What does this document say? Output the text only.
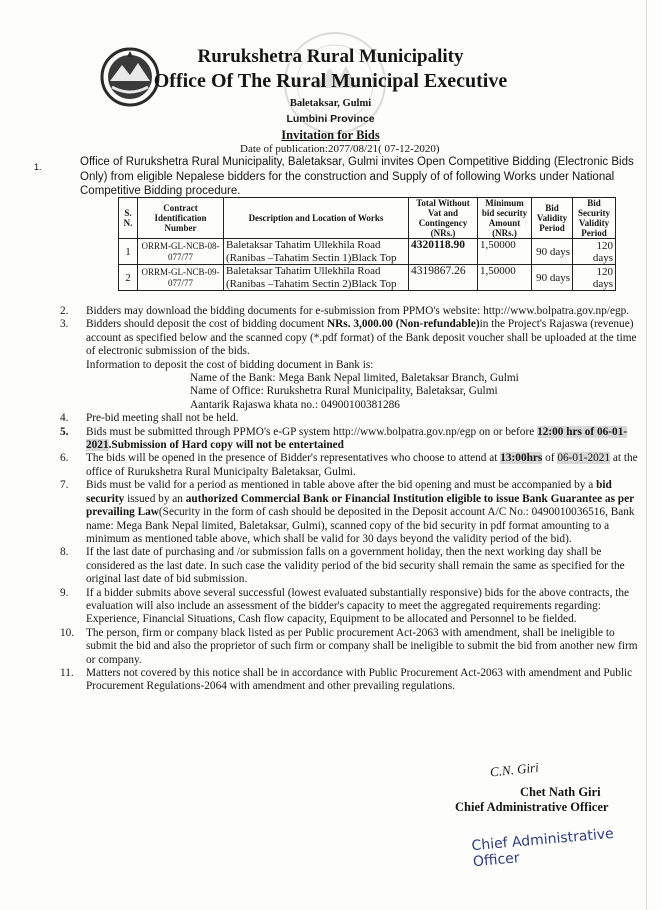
Rurukshetra Rural Municipality
Office Of The Rural Municipal Executive
Baletaksar, Gulmi
Lumbini Province
Invitation for Bids
Date of publication:2077/08/21( 07-12-2020)
1.	Office of Rurukshetra Rural Municipality, Baletaksar, Gulmi invites Open Competitive Bidding (Electronic Bids Only) from eligible Nepalese bidders for the construction and Supply of of following Works under National Competitive Bidding procedure.
S. N.	Contract Identification Number	Description and Location of Works	Total Without Vat and Contingency (NRs.)	Minimum bid security Amount (NRs.)	Bid Validity Period	Bid Security Validity Period
1	ORRM-GL-NCB-08-077/77	Baletaksar Tahatim Ullekhila Road (Ranibas –Tahatim Sectin 1)Black Top	4320118.90	1,50000	90 days	120 days
2	ORRM-GL-NCB-09-077/77	Baletaksar Tahatim Ullekhila Road (Ranibas –Tahatim Sectin 2)Black Top	4319867.26	1,50000	90 days	120 days
2. Bidders may download the bidding documents for e-submission from PPMO's website: http://www.bolpatra.gov.np/egp.
3. Bidders should deposit the cost of bidding document NRs. 3,000.00 (Non-refundable)in the Project's Rajaswa (revenue) account as specified below and the scanned copy (*.pdf format) of the Bank deposit voucher shall be uploaded at the time of electronic submission of the bids.
Information to deposit the cost of bidding document in Bank is:
Name of the Bank: Mega Bank Nepal limited, Baletaksar Branch, Gulmi
Name of Office: Rurukshetra Rural Municipality, Baletaksar, Gulmi
Aantarik Rajaswa khata no.: 04900100381286
4. Pre-bid meeting shall not be held.
5. Bids must be submitted through PPMO's e-GP system http://www.bolpatra.gov.np/egp on or before 12:00 hrs of 06-01-2021.Submission of Hard copy will not be entertained
6. The bids will be opened in the presence of Bidder's representatives who choose to attend at 13:00hrs of 06-01-2021 at the office of Rurukshetra Rural Municipalty Baletaksar, Gulmi.
7. Bids must be valid for a period as mentioned in table above after the bid opening and must be accompanied by a bid security issued by an authorized Commercial Bank or Financial Institution eligible to issue Bank Guarantee as per prevailing Law(Security in the form of cash should be deposited in the Deposit account A/C No.: 0490010036516, Bank name: Mega Bank Nepal limited, Baletaksar, Gulmi), scanned copy of the bid security in pdf format amounting to a minimum as mentioned table above, which shall be valid for 30 days beyond the validity period of the bid).
8. If the last date of purchasing and /or submission falls on a government holiday, then the next working day shall be considered as the last date. In such case the validity period of the bid security shall remain the same as specified for the original last date of bid submission.
9. If a bidder submits above several successful (lowest evaluated substantially responsive) bids for the above contracts, the evaluation will also include an assessment of the bidder's capacity to meet the aggregated requirements regarding: Experience, Financial Situations, Cash flow capacity, Equipment to be allocated and Personnel to be fielded.
10. The person, firm or company black listed as per Public procurement Act-2063 with amendment, shall be ineligible to submit the bid and also the proprietor of such firm or company shall be ineligible to submit the bid from another new firm or company.
11. Matters not covered by this notice shall be in accordance with Public Procurement Act-2063 with amendment and Public Procurement Regulations-2064 with amendment and other prevailing regulations.
C.N. Giri
Chet Nath Giri
Chief Administrative Officer
Chief Administrative Officer
